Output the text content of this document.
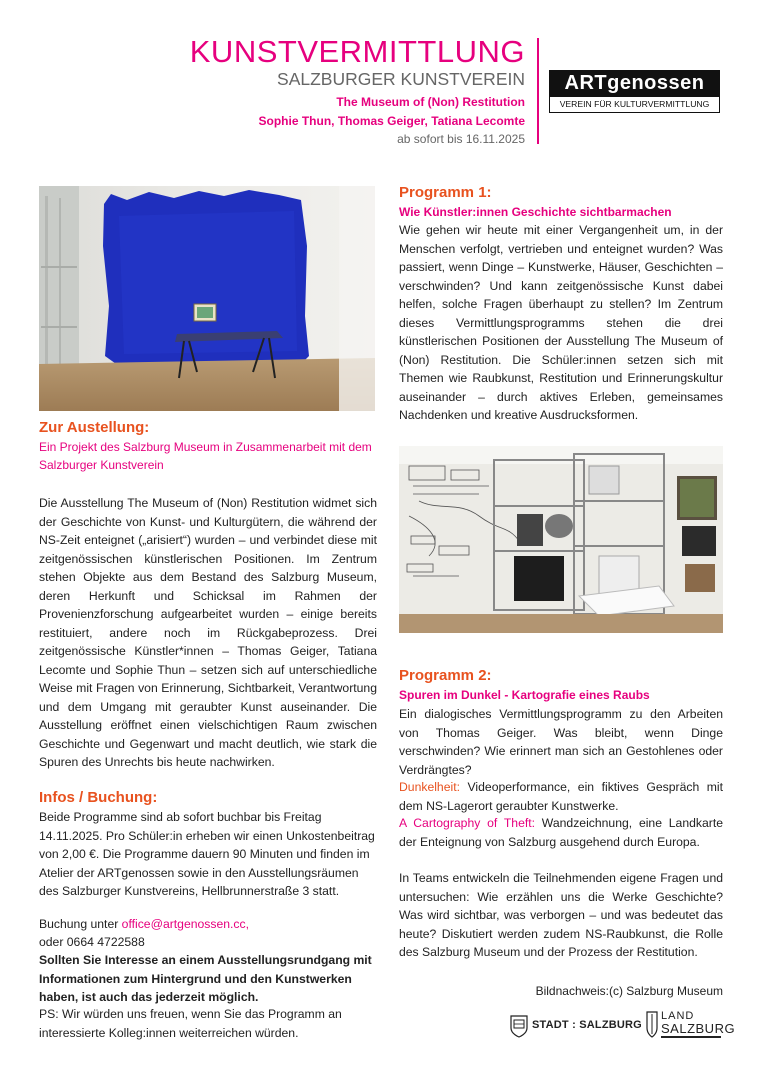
KUNSTVERMITTLUNG
SALZBURGER KUNSTVEREIN
The Museum of (Non) Restitution
Sophie Thun, Thomas Geiger, Tatiana Lecomte
ab sofort bis 16.11.2025
ARTgenossen
VEREIN FÜR KULTURVERMITTLUNG
Zur Austellung:
Ein Projekt des Salzburg Museum in Zusammenarbeit mit dem Salzburger Kunstverein
Die Ausstellung The Museum of (Non) Restitution widmet sich der Geschichte von Kunst- und Kulturgütern, die während der NS-Zeit enteignet („arisiert“) wurden – und verbindet diese mit zeitgenössischen künstlerischen Positionen. Im Zentrum stehen Objekte aus dem Bestand des Salzburg Museum, deren Herkunft und Schicksal im Rahmen der Provenienzforschung aufgearbeitet wurden – einige bereits restituiert, andere noch im Rückgabeprozess. Drei zeitgenössische Künstler*innen – Thomas Geiger, Tatiana Lecomte und Sophie Thun – setzen sich auf unterschiedliche Weise mit Fragen von Erinnerung, Sichtbarkeit, Verantwortung und dem Umgang mit geraubter Kunst auseinander. Die Ausstellung eröffnet einen vielschichtigen Raum zwischen Geschichte und Gegenwart und macht deutlich, wie stark die Spuren des Unrechts bis heute nachwirken.
Infos / Buchung:
Beide Programme sind ab sofort buchbar bis Freitag 14.11.2025. Pro Schüler:in erheben wir einen Unkostenbeitrag von 2,00 €. Die Programme dauern 90 Minuten und finden im Atelier der ARTgenossen sowie in den Ausstellungsräumen des Salzburger Kunstvereins, Hellbrunnerstraße 3 statt.
Buchung unter office@artgenossen.cc,
oder 0664 4722588
Sollten Sie Interesse an einem Ausstellungsrundgang mit Informationen zum Hintergrund und den Kunstwerken haben, ist auch das jederzeit möglich.
PS: Wir würden uns freuen, wenn Sie das Programm an interessierte Kolleg:innen weiterreichen würden.
Programm 1:
Wie Künstler:innen Geschichte sichtbarmachen
Wie gehen wir heute mit einer Vergangenheit um, in der Menschen verfolgt, vertrieben und enteignet wurden? Was passiert, wenn Dinge – Kunstwerke, Häuser, Geschichten – verschwinden? Und kann zeitgenössische Kunst dabei helfen, solche Fragen überhaupt zu stellen? Im Zentrum dieses Vermittlungsprogramms stehen die drei künstlerischen Positionen der Ausstellung The Museum of (Non) Restitution. Die Schüler:innen setzen sich mit Themen wie Raubkunst, Restitution und Erinnerungskultur auseinander – durch aktives Erleben, gemeinsames Nachdenken und kreative Ausdrucksformen.
Programm 2:
Spuren im Dunkel - Kartografie eines Raubs
Ein dialogisches Vermittlungsprogramm zu den Arbeiten von Thomas Geiger. Was bleibt, wenn Dinge verschwinden? Wie erinnert man sich an Gestohlenes oder Verdrängtes?
Dunkelheit: Videoperformance, ein fiktives Gespräch mit dem NS-Lagerort geraubter Kunstwerke.
A Cartography of Theft: Wandzeichnung, eine Landkarte der Enteignung von Salzburg ausgehend durch Europa.
In Teams entwickeln die Teilnehmenden eigene Fragen und untersuchen: Wie erzählen uns die Werke Geschichte? Was wird sichtbar, was verborgen – und was bedeutet das heute? Diskutiert werden zudem NS-Raubkunst, die Rolle des Salzburg Museum und der Prozess der Restitution.
Bildnachweis:(c) Salzburg Museum
STADT : SALZBURG
LAND
SALZBURG
